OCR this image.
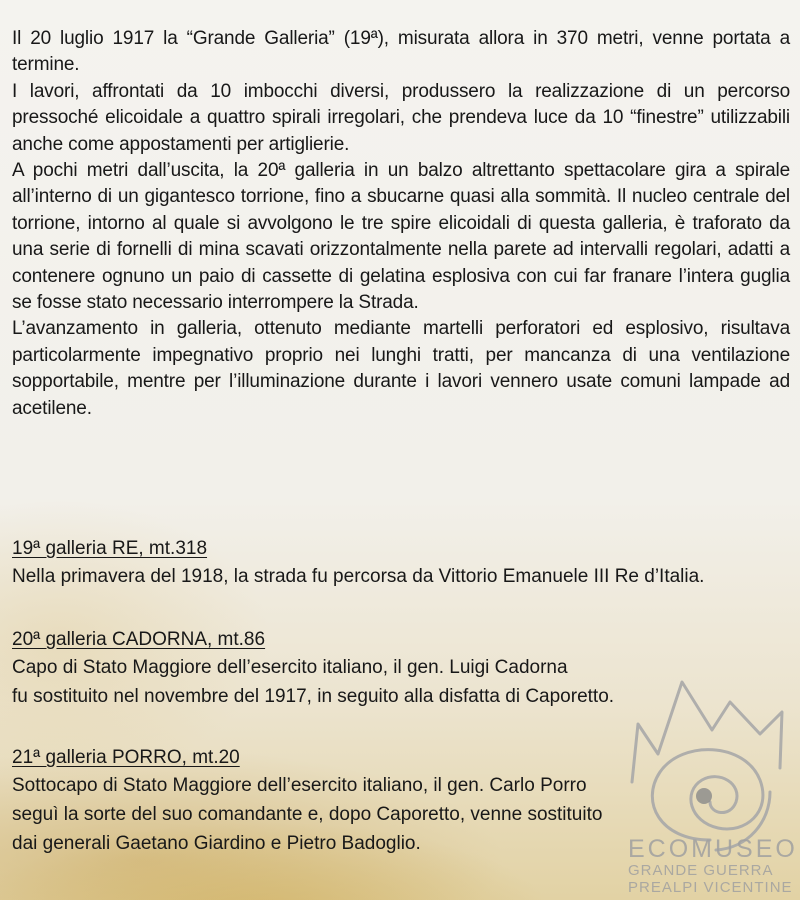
Il 20 luglio 1917 la “Grande Galleria” (19ª), misurata allora in 370 metri, venne portata a termine.

I lavori, affrontati da 10 imbocchi diversi, produssero la realizzazione di un percorso pressoché elicoidale a quattro spirali irregolari, che prendeva luce da 10 “finestre” utilizzabili anche come appostamenti per artiglierie.

A pochi metri dall’uscita, la 20ª galleria in un balzo altrettanto spettacolare gira a spirale all’interno di un gigantesco torrione, fino a sbucarne quasi alla sommità. Il nucleo centrale del torrione, intorno al quale si avvolgono le tre spire elicoidali di questa galleria, è traforato da una serie di fornelli di mina scavati orizzontalmente nella parete ad intervalli regolari, adatti a contenere ognuno un paio di cassette di gelatina esplosiva con cui far franare l’intera guglia se fosse stato necessario interrompere la Strada.

L’avanzamento in galleria, ottenuto mediante martelli perforatori ed esplosivo, risultava particolarmente impegnativo proprio nei lunghi tratti, per mancanza di una ventilazione sopportabile, mentre per l’illuminazione durante i lavori vennero usate comuni lampade ad acetilene.

19ª galleria RE, mt.318
Nella primavera del 1918, la strada fu percorsa da Vittorio Emanuele III Re d’Italia.
20ª galleria CADORNA, mt.86
Capo di Stato Maggiore dell’esercito italiano, il gen. Luigi Cadorna
fu sostituito nel novembre del 1917, in seguito alla disfatta di Caporetto.
21ª galleria PORRO, mt.20
Sottocapo di Stato Maggiore dell’esercito italiano, il gen. Carlo Porro
seguì la sorte del suo comandante e, dopo Caporetto, venne sostituito
dai generali Gaetano Giardino e Pietro Badoglio.	ECOMUSEO
GRANDE GUERRA
PREALPI VICENTINE
